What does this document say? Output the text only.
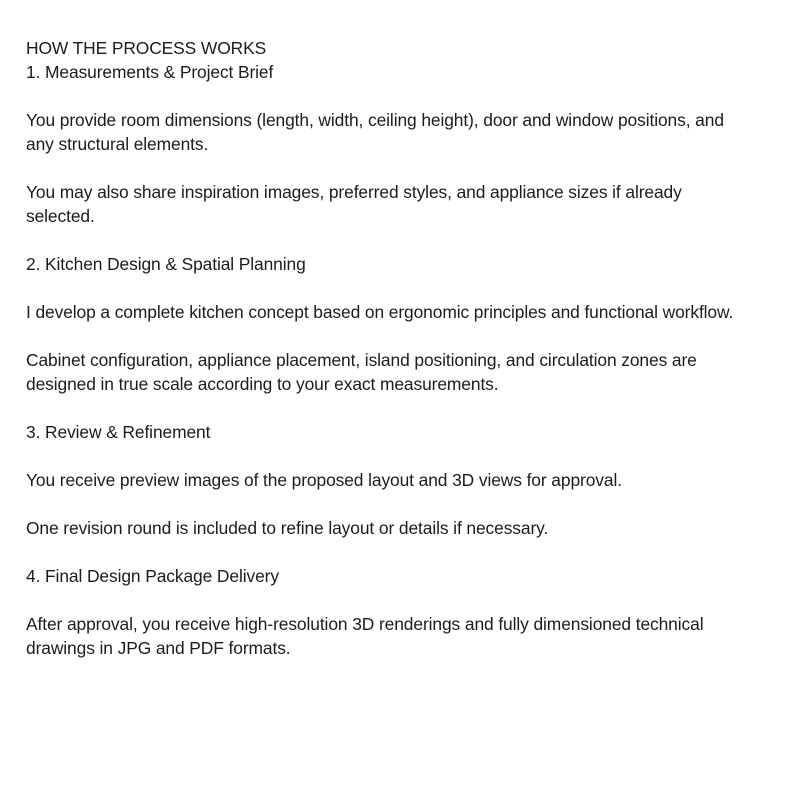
HOW THE PROCESS WORKS
1. Measurements & Project Brief
You provide room dimensions (length, width, ceiling height), door and window positions, and
any structural elements.
You may also share inspiration images, preferred styles, and appliance sizes if already
selected.
2. Kitchen Design & Spatial Planning
I develop a complete kitchen concept based on ergonomic principles and functional workflow.
Cabinet configuration, appliance placement, island positioning, and circulation zones are
designed in true scale according to your exact measurements.
3. Review & Refinement
You receive preview images of the proposed layout and 3D views for approval.
One revision round is included to refine layout or details if necessary.
4. Final Design Package Delivery
After approval, you receive high-resolution 3D renderings and fully dimensioned technical
drawings in JPG and PDF formats.
